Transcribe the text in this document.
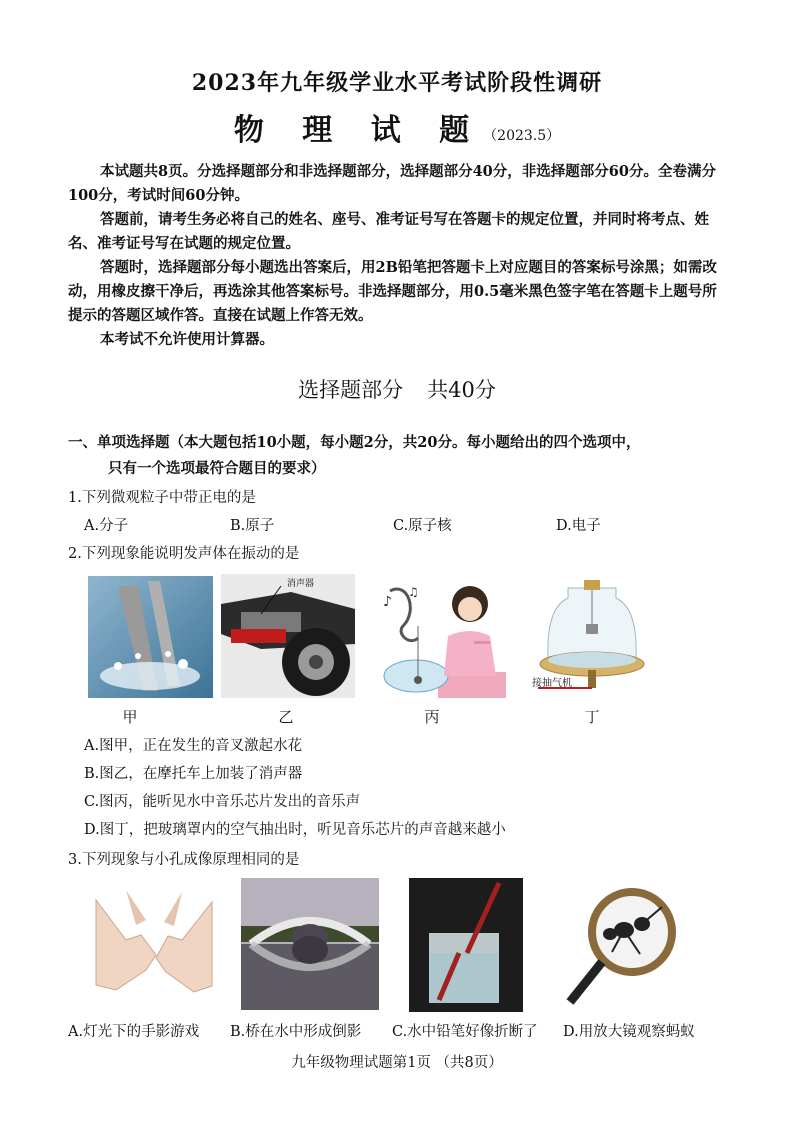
2023年九年级学业水平考试阶段性调研
物 理 试 题（2023.5）

本试题共8页。分选择题部分和非选择题部分，选择题部分40分，非选择题部分60分。全卷满分100分，考试时间60分钟。

答题前，请考生务必将自己的姓名、座号、准考证号写在答题卡的规定位置，并同时将考点、姓名、准考证号写在试题的规定位置。

答题时，选择题部分每小题选出答案后，用2B铅笔把答题卡上对应题目的答案标号涂黑；如需改动，用橡皮擦干净后，再选涂其他答案标号。非选择题部分，用0.5毫米黑色签字笔在答题卡上题号所提示的答题区域作答。直接在试题上作答无效。

本考试不允许使用计算器。

选择题部分 共40分
一、单项选择题（本大题包括10小题，每小题2分，共20分。每小题给出的四个选项中，
只有一个选项最符合题目的要求）
1.下列微观粒子中带正电的是
A.分子	B.原子	C.原子核	D.电子
2.下列现象能说明发声体在振动的是
消声器
♪
♫
接抽气机
甲	乙	丙	丁
A.图甲，正在发生的音叉激起水花
B.图乙，在摩托车上加装了消声器
C.图丙，能听见水中音乐芯片发出的音乐声
D.图丁，把玻璃罩内的空气抽出时，听见音乐芯片的声音越来越小
3.下列现象与小孔成像原理相同的是
A.灯光下的手影游戏 B.桥在水中形成倒影 C.水中铅笔好像折断了 D.用放大镜观察蚂蚁
九年级物理试题第1页 （共8页）
